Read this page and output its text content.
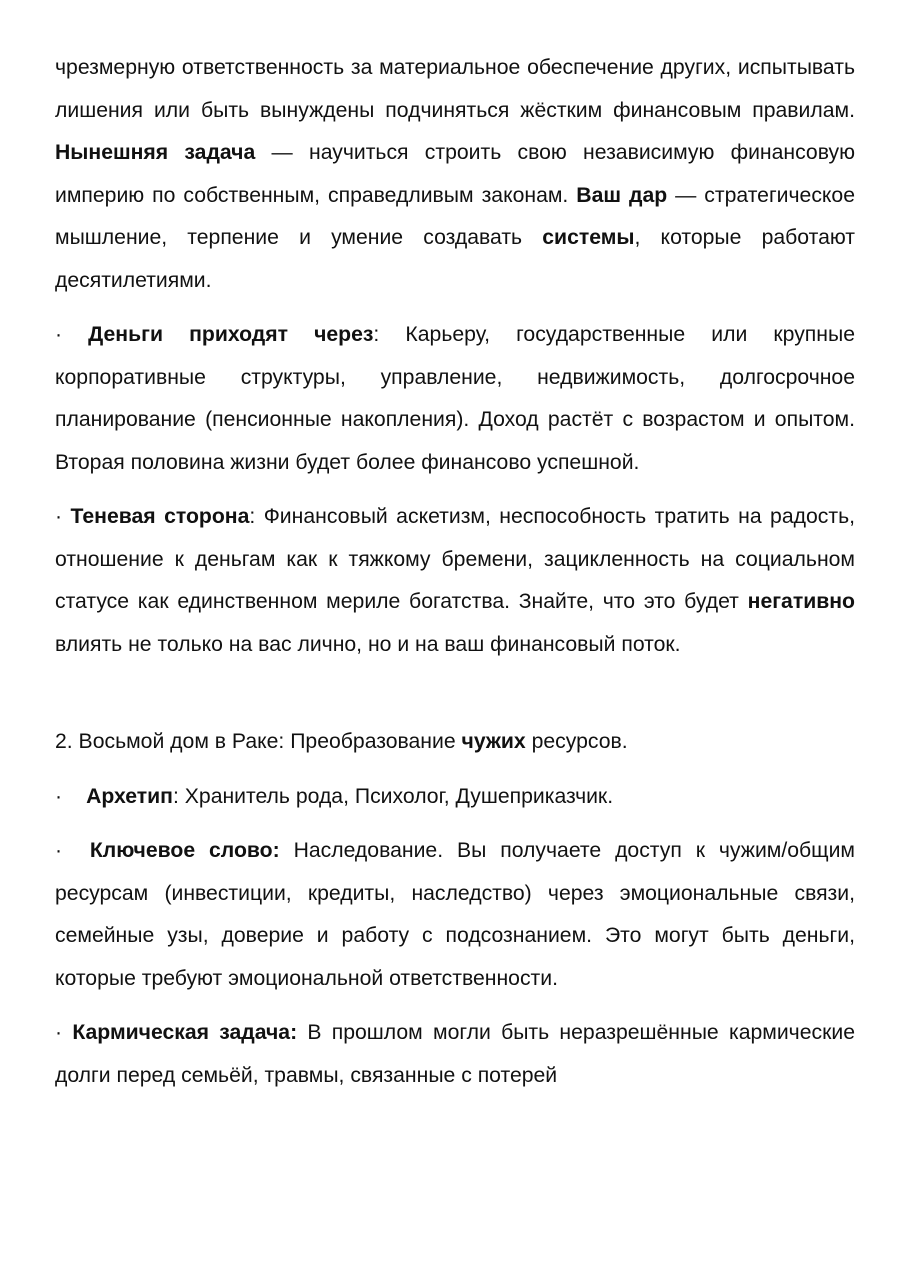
чрезмерную ответственность за материальное обеспечение других, испытывать лишения или быть вынуждены подчиняться жёстким финансовым правилам. Нынешняя задача — научиться строить свою независимую финансовую империю по собственным, справедливым законам. Ваш дар — стратегическое мышление, терпение и умение создавать системы, которые работают десятилетиями.

· Деньги приходят через: Карьеру, государственные или крупные корпоративные структуры, управление, недвижимость, долгосрочное планирование (пенсионные накопления). Доход растёт с возрастом и опытом. Вторая половина жизни будет более финансово успешной.

· Теневая сторона: Финансовый аскетизм, неспособность тратить на радость, отношение к деньгам как к тяжкому бремени, зацикленность на социальном статусе как единственном мериле богатства. Знайте, что это будет негативно влиять не только на вас лично, но и на ваш финансовый поток.

2. Восьмой дом в Раке: Преобразование чужих ресурсов.

· Архетип: Хранитель рода, Психолог, Душеприказчик.

·  Ключевое слово: Наследование. Вы получаете доступ к чужим/общим ресурсам (инвестиции, кредиты, наследство) через эмоциональные связи, семейные узы, доверие и работу с подсознанием. Это могут быть деньги, которые требуют эмоциональной ответственности.

· Кармическая задача: В прошлом могли быть неразрешённые кармические долги перед семьёй, травмы, связанные с потерей
